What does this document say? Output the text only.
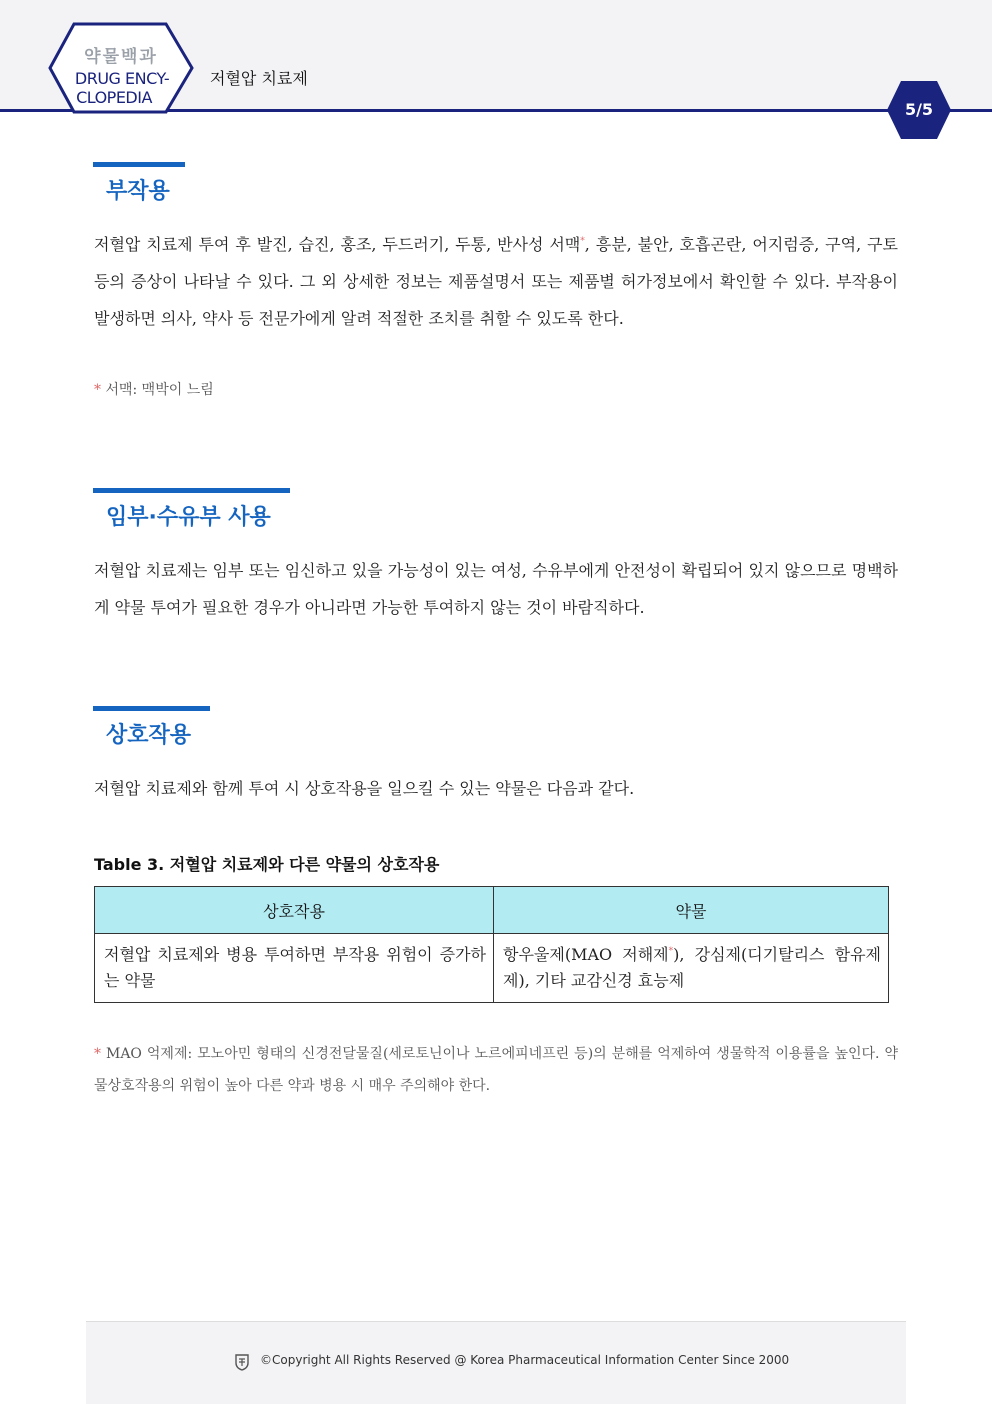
약물백과
DRUG ENCY-
CLOPEDIA
저혈압 치료제
5/5
부작용
저혈압 치료제 투여 후 발진, 습진, 홍조, 두드러기, 두통, 반사성 서맥*, 흥분, 불안, 호흡곤란, 어지럼증, 구역, 구토 등의 증상이 나타날 수 있다. 그 외 상세한 정보는 제품설명서 또는 제품별 허가정보에서 확인할 수 있다. 부작용이 발생하면 의사, 약사 등 전문가에게 알려 적절한 조치를 취할 수 있도록 한다.
* 서맥: 맥박이 느림
임부·수유부 사용
저혈압 치료제는 임부 또는 임신하고 있을 가능성이 있는 여성, 수유부에게 안전성이 확립되어 있지 않으므로 명백하게 약물 투여가 필요한 경우가 아니라면 가능한 투여하지 않는 것이 바람직하다.
상호작용
저혈압 치료제와 함께 투여 시 상호작용을 일으킬 수 있는 약물은 다음과 같다.
Table 3. 저혈압 치료제와 다른 약물의 상호작용
상호작용	약물
저혈압 치료제와 병용 투여하면 부작용 위험이 증가하는 약물	항우울제(MAO 저해제*), 강심제(디기탈리스 함유제제), 기타 교감신경 효능제
* MAO 억제제: 모노아민 형태의 신경전달물질(세로토닌이나 노르에피네프린 등)의 분해를 억제하여 생물학적 이용률을 높인다. 약물상호작용의 위험이 높아 다른 약과 병용 시 매우 주의해야 한다.
©Copyright All Rights Reserved @ Korea Pharmaceutical Information Center Since 2000
